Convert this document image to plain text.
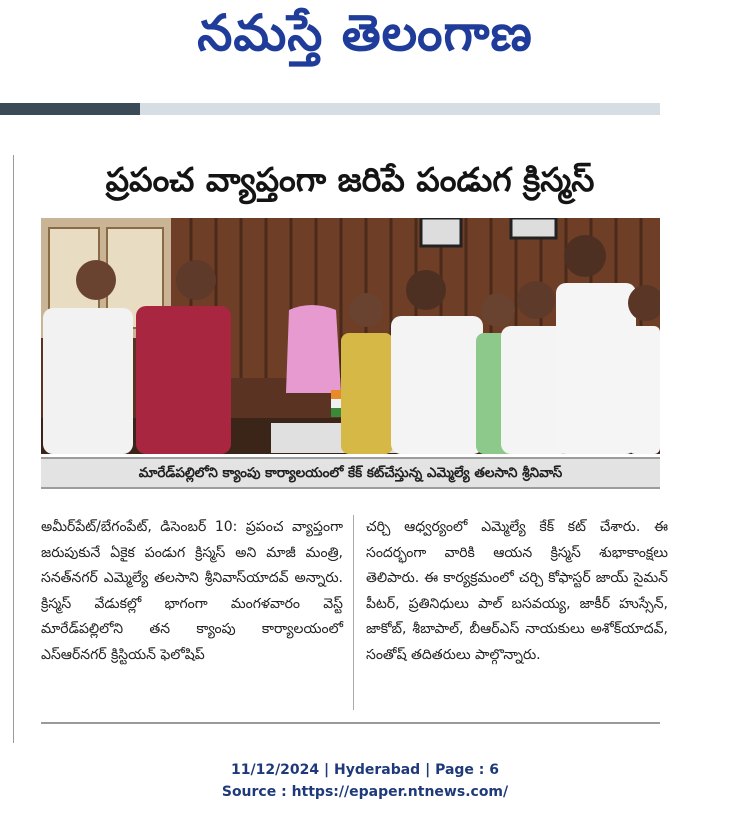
నమస్తే తెలంగాణ
ప్రపంచ వ్యాప్తంగా జరిపే పండుగ క్రిస్మస్
మారేడ్‌పల్లిలోని క్యాంపు కార్యాలయంలో కేక్ కట్‌చేస్తున్న ఎమ్మెల్యే తలసాని శ్రీనివాస్
అమీర్‌పేట్/బేగంపేట్, డిసెంబర్ 10: ప్రపంచ వ్యాప్తంగా జరుపుకునే ఏకైక పండుగ క్రిస్మస్ అని మాజీ మంత్రి, సనత్‌నగర్ ఎమ్మెల్యే తలసాని శ్రీనివాస్‌యాదవ్ అన్నారు. క్రిస్మస్ వేడుకల్లో భాగంగా మంగళవారం వెస్ట్ మారేడ్‌పల్లిలోని తన క్యాంపు కార్యాలయంలో ఎస్ఆర్‌నగర్ క్రిస్టియన్ ఫెలోషిప్
చర్చి ఆధ్వర్యంలో ఎమ్మెల్యే కేక్ కట్ చేశారు. ఈ సందర్భంగా వారికి ఆయన క్రిస్మస్ శుభాకాంక్షలు తెలిపారు. ఈ కార్యక్రమంలో చర్చి కోఫాస్టర్ జాయ్ సైమన్ పీటర్, ప్రతినిధులు పాల్ బసవయ్య, జాకీర్ హుస్సేన్, జాకోబ్, శీబాపాల్, బీఆర్ఎస్ నాయకులు అశోక్‌యాదవ్, సంతోష్ తదితరులు పాల్గొన్నారు.
11/12/2024 | Hyderabad | Page : 6
Source : https://epaper.ntnews.com/
